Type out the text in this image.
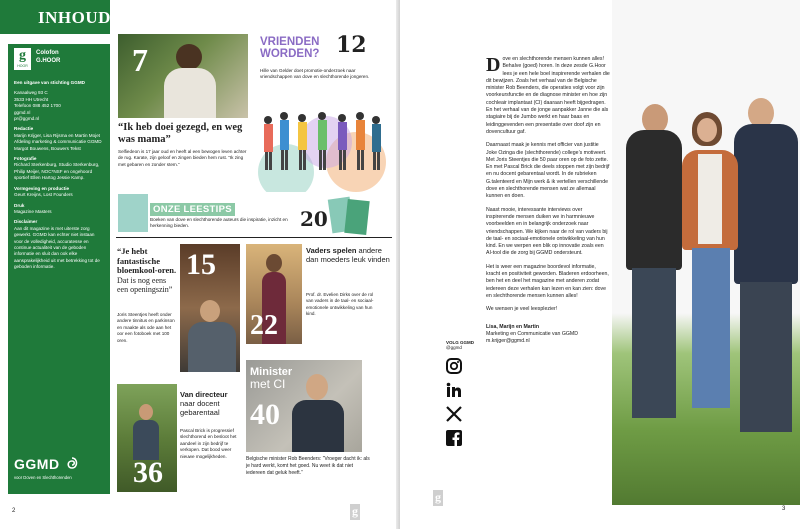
INHOUD
g
HOOR
Colofon
G.HOOR
Een uitgave van stichting GGMD
Kanaalweg 93 C
3533 HH Utrecht
Telefoon 088 452 1700
ggmd.nl
pr@ggmd.nl
Redactie
Marijn Krijger, Lisa Rijsma en Martin Mojet Afdeling marketing & communicatie GGMD Margot Bouwens, Bouwers Tekst
Fotografie
Richard Sterkenburg, Studio Sterkenburg, Philip Meijer, NOC*NSF en ongehoord sportief Ellen Hartog Jessie Kamp.
Vormgeving en productie
Geurt Kreijns, Lost Founders
Druk
Magazine Masters
Disclaimer
Aan dit magazine is met uiterste zorg gewerkt. GGMD kan echter niet instaan voor de volledigheid, accuratesse en continue actualiteit van de geboden informatie en sluit dan ook elke aansprakelijkheid uit met betrekking tot de geboden informatie.
GGMD
voor Doven en Slechthorenden
7
“Ik heb doei gezegd, en weg was mama”
Selfiedeon is 17 jaar oud en heeft al een bewogen leven achter de rug. Karate, zijn geloof en zingen bieden hem rust. “Ik zing met gebaren en zonder stem.”
VRIENDEN
WORDEN? 12
Hille van Gelder doet promotie-onderzoek naar vriendschappen van dove en slechthorende jongeren.
ONZE LEESTIPS	20
Boeken van dove en slechthorende auteurs die inspiratie, inzicht en herkenning bieden.
“Je hebt fantastische bloemkool-oren.
Dat is nog eens een openingszin”
Joris Steentjes heeft onder andere tinnitus en parkinson en maakte als ode aan het oor een fotoboek met 100 oren.
15
22
Vaders spelen andere dan moeders leuk vinden
Prof. dr. Evelien Dirks over de rol van vaders in de taal- en sociaal-emotionele ontwikkeling van hun kind.
36
Van directeur
naar docent gebarentaal
Pascal Brick is progressief slechthorend en besloot het aandeel in zijn bedrijf te verkopen. Dat bood weer nieuwe mogelijkheden.
Minister
met CI
40
Belgische minister Rob Beenders: “Vroeger dacht ik: als je hard werkt, komt het goed. Nu weet ik dat niet iedereen dat geluk heeft.”
2	g
g
VOLG GGMD
@ggmd

D ove en slechthorende mensen kunnen alles! Behalve (goed) horen. In deze zesde G.Hoor lees je een hele boel inspirerende verhalen die dit bewijzen. Zoals het verhaal van de Belgische minister Rob Beenders, die operaties volgt voor zijn voorkeursfunctie en de diagnose minister en hoe zijn cochleair implantaat (CI) daaraan heeft bijgedragen. En het verhaal van de jonge aanpakker Janne die als stagiaire bij de Jumbo werkt en haar baas en leidinggevenden een presentatie over doof zijn en dovencultuur gaf.

Daarnaast maak je kennis met officier van justitie Joke Ozinga die (slechthorende) college’s motiveert. Met Joris Steentjes die 50 paar oren op de foto zette. En met Pascal Brick die deels stoppen met zijn bedrijf en nu docent gebarentaal wordt. In de rubrieken G.talenteerd en Mijn werk & ik vertellen verschillende dove en slechthorende mensen wat ze allemaal kunnen en doen.

Naast mooie, interessante interviews over inspirerende mensen duiken we in harmnieuwe voorbeelden en in belangrijk onderzoek naar vriendschappen. We kijken naar de rol van vaders bij de taal- en sociaal-emotionele ontwikkeling van hun kind. En we werpen een blik op innovatie zoals een AI-tool die de zorg bij GGMD ondersteunt.

Het is weer een magazine boordevol informatie, kracht en positiviteit geworden. Bladeren erdoorheen, ben het en deel het magazine met anderen zodat iedereen deze verhalen kan lezen en kan zien: dove en slechthorende mensen kunnen alles!

We wensen je veel leesplezier!

Lisa, Marijn en Martin
Marketing en Communicatie van GGMD
m.krijger@ggmd.nl
3
